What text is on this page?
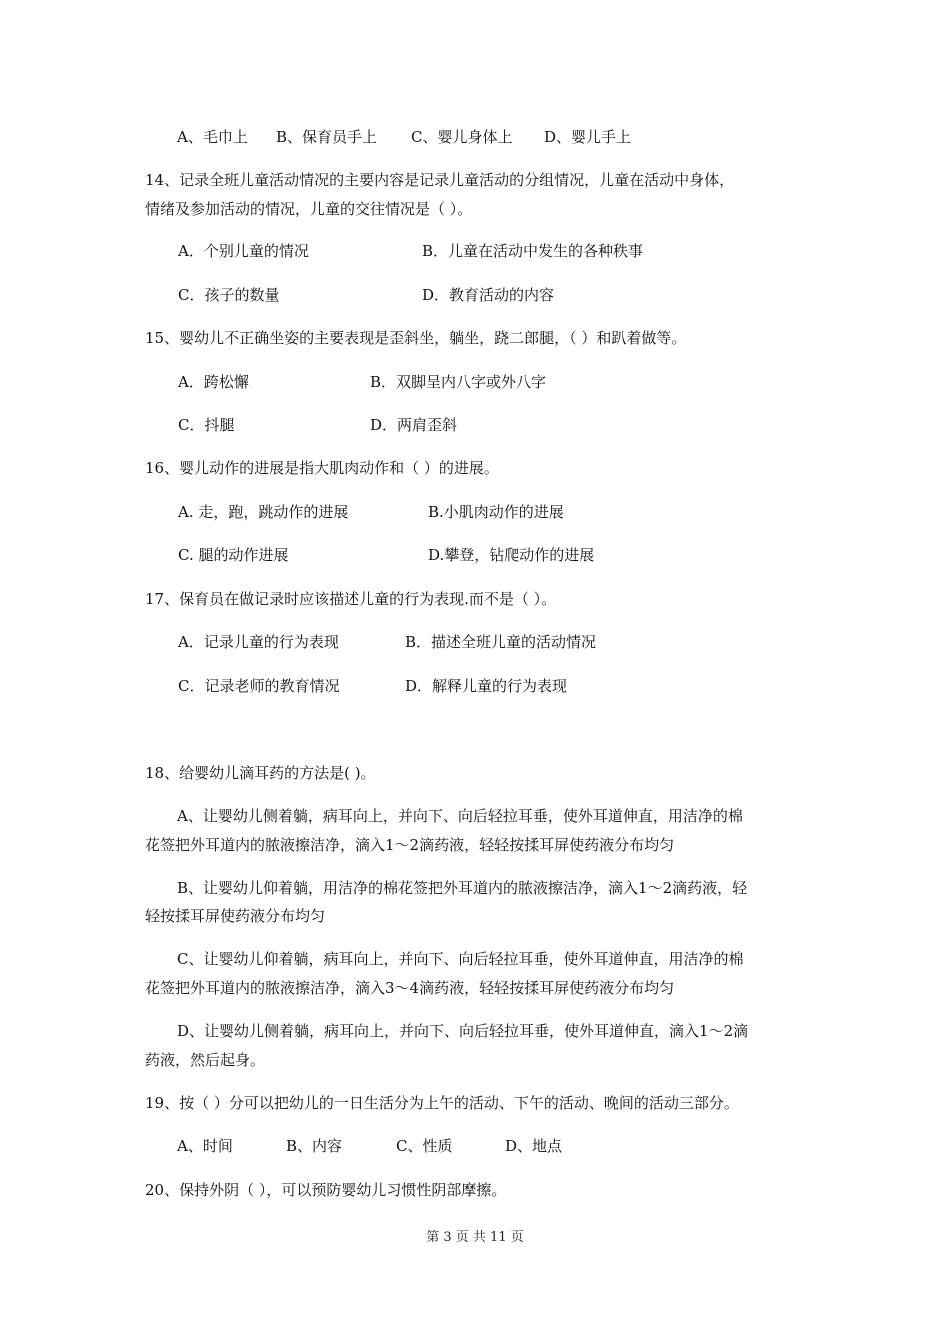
A、毛巾上 B、保育员手上 C、婴儿身体上 D、婴儿手上
14、记录全班儿童活动情况的主要内容是记录儿童活动的分组情况，儿童在活动中身体，
情绪及参加活动的情况，儿童的交往情况是（ ）。
A．个别儿童的情况	B．儿童在活动中发生的各种秩事
C．孩子的数量	D．教育活动的内容
15、婴幼儿不正确坐姿的主要表现是歪斜坐，躺坐，跷二郎腿，（ ）和趴着做等。
A．跨松懈	B．双脚呈内八字或外八字
C．抖腿	D．两肩歪斜
16、婴儿动作的进展是指大肌肉动作和（ ）的进展。
A. 走，跑，跳动作的进展	B.小肌肉动作的进展
C. 腿的动作进展	D.攀登，钻爬动作的进展
17、保育员在做记录时应该描述儿童的行为表现.而不是（ ）。
A．记录儿童的行为表现	B．描述全班儿童的活动情况
C．记录老师的教育情况	D．解释儿童的行为表现
18、给婴幼儿滴耳药的方法是( )。
A、让婴幼儿侧着躺，病耳向上，并向下、向后轻拉耳垂，使外耳道伸直，用洁净的棉
花签把外耳道内的脓液擦洁净，滴入1～2滴药液，轻轻按揉耳屏使药液分布均匀
B、让婴幼儿仰着躺，用洁净的棉花签把外耳道内的脓液擦洁净，滴入1～2滴药液，轻
轻按揉耳屏使药液分布均匀
C、让婴幼儿仰着躺，病耳向上，并向下、向后轻拉耳垂，使外耳道伸直，用洁净的棉
花签把外耳道内的脓液擦洁净，滴入3～4滴药液，轻轻按揉耳屏使药液分布均匀
D、让婴幼儿侧着躺，病耳向上，并向下、向后轻拉耳垂，使外耳道伸直，滴入1～2滴
药液，然后起身。
19、按（ ）分可以把幼儿的一日生活分为上午的活动、下午的活动、晚间的活动三部分。
A、时间	B、内容	C、性质	D、地点
20、保持外阴（ ），可以预防婴幼儿习惯性阴部摩擦。
第 3 页 共 11 页
